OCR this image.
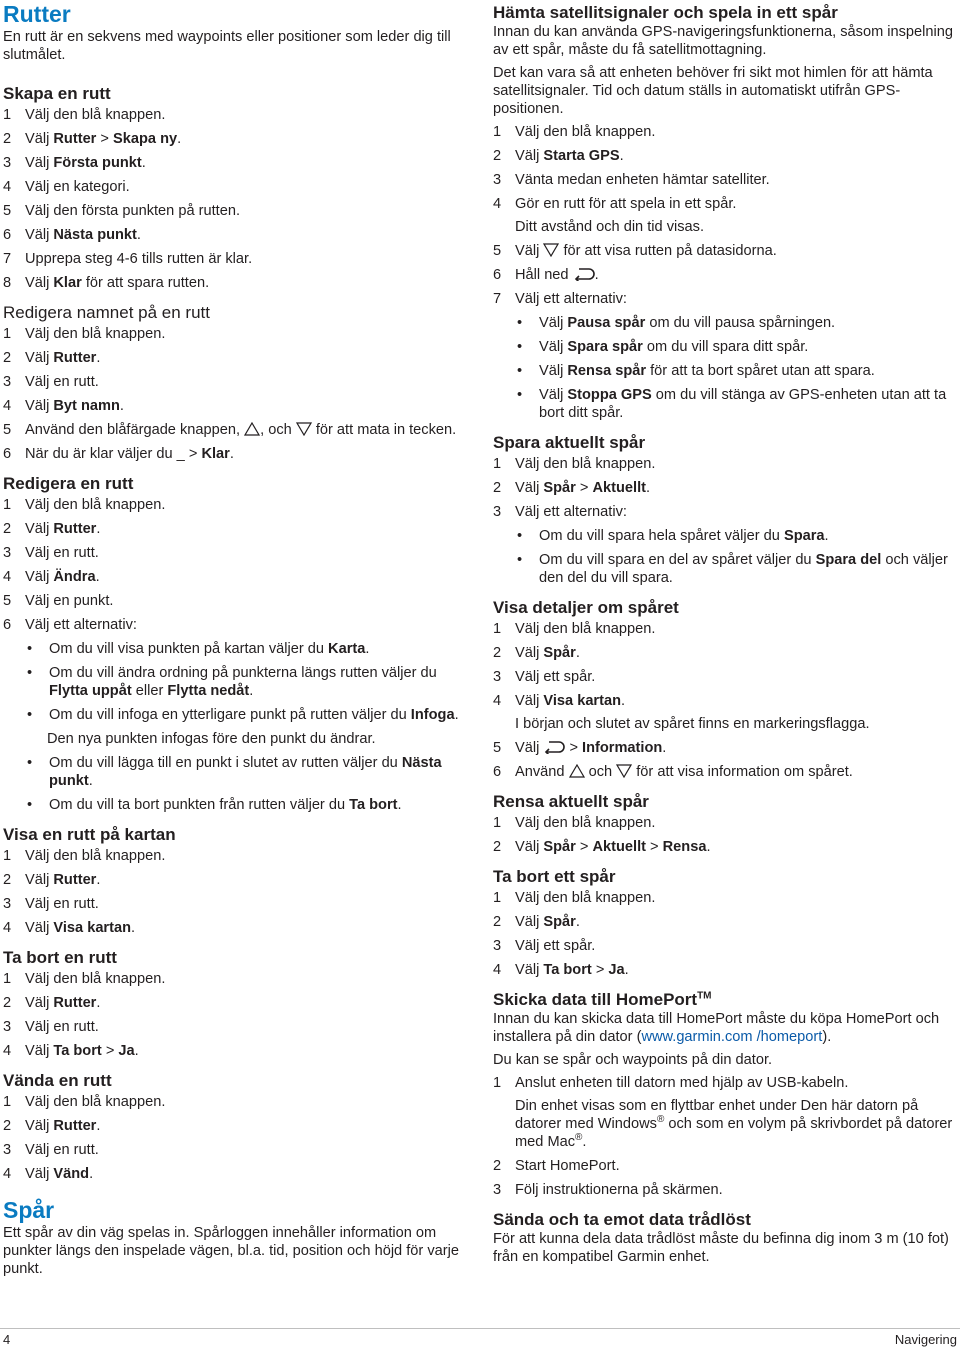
Rutter

En rutt är en sekvens med waypoints eller positioner som leder dig till slutmålet.

Skapa en rutt
1 Välj den blå knappen.
2 Välj Rutter > Skapa ny.
3 Välj Första punkt.
4 Välj en kategori.
5 Välj den första punkten på rutten.
6 Välj Nästa punkt.
7 Upprepa steg 4-6 tills rutten är klar.
8 Välj Klar för att spara rutten.
Redigera namnet på en rutt
1 Välj den blå knappen.
2 Välj Rutter.
3 Välj en rutt.
4 Välj Byt namn.
5 Använd den blåfärgade knappen, , och  för att mata in tecken.
6 När du är klar väljer du _ > Klar.
Redigera en rutt
1 Välj den blå knappen.
2 Välj Rutter.
3 Välj en rutt.
4 Välj Ändra.
5 Välj en punkt.
6 Välj ett alternativ:
•	Om du vill visa punkten på kartan väljer du Karta.
•	Om du vill ändra ordning på punkterna längs rutten väljer du Flytta uppåt eller Flytta nedåt.
•	Om du vill infoga en ytterligare punkt på rutten väljer du Infoga.
Den nya punkten infogas före den punkt du ändrar.
•	Om du vill lägga till en punkt i slutet av rutten väljer du Nästa punkt.
•	Om du vill ta bort punkten från rutten väljer du Ta bort.
Visa en rutt på kartan
1 Välj den blå knappen.
2 Välj Rutter.
3 Välj en rutt.
4 Välj Visa kartan.
Ta bort en rutt
1 Välj den blå knappen.
2 Välj Rutter.
3 Välj en rutt.
4 Välj Ta bort > Ja.
Vända en rutt
1 Välj den blå knappen.
2 Välj Rutter.
3 Välj en rutt.
4 Välj Vänd.
Spår

Ett spår av din väg spelas in. Spårloggen innehåller information om punkter längs den inspelade vägen, bl.a. tid, position och höjd för varje punkt.

Hämta satellitsignaler och spela in ett spår

Innan du kan använda GPS-navigeringsfunktionerna, såsom inspelning av ett spår, måste du få satellitmottagning.

Det kan vara så att enheten behöver fri sikt mot himlen för att hämta satellitsignaler. Tid och datum ställs in automatiskt utifrån GPS-positionen.

1 Välj den blå knappen.
2 Välj Starta GPS.
3 Vänta medan enheten hämtar satelliter.
4 Gör en rutt för att spela in ett spår.
Ditt avstånd och din tid visas.
5 Välj  för att visa rutten på datasidorna.
6 Håll ned .
7 Välj ett alternativ:
•	Välj Pausa spår om du vill pausa spårningen.
•	Välj Spara spår om du vill spara ditt spår.
•	Välj Rensa spår för att ta bort spåret utan att spara.
•	Välj Stoppa GPS om du vill stänga av GPS-enheten utan att ta bort ditt spår.
Spara aktuellt spår
1 Välj den blå knappen.
2 Välj Spår > Aktuellt.
3 Välj ett alternativ:
•	Om du vill spara hela spåret väljer du Spara.
•	Om du vill spara en del av spåret väljer du Spara del och väljer den del du vill spara.
Visa detaljer om spåret
1 Välj den blå knappen.
2 Välj Spår.
3 Välj ett spår.
4 Välj Visa kartan.
I början och slutet av spåret finns en markeringsflagga.
5 Välj  > Information.
6 Använd  och  för att visa information om spåret.
Rensa aktuellt spår
1 Välj den blå knappen.
2 Välj Spår > Aktuellt > Rensa.
Ta bort ett spår
1 Välj den blå knappen.
2 Välj Spår.
3 Välj ett spår.
4 Välj Ta bort > Ja.
Skicka data till HomePort™

Innan du kan skicka data till HomePort måste du köpa HomePort och installera på din dator (www.garmin.com /homeport).

Du kan se spår och waypoints på din dator.

1 Anslut enheten till datorn med hjälp av USB-kabeln.
Din enhet visas som en flyttbar enhet under Den här datorn på datorer med Windows® och som en volym på skrivbordet på datorer med Mac®.
2 Start HomePort.
3 Följ instruktionerna på skärmen.
Sända och ta emot data trådlöst

För att kunna dela data trådlöst måste du befinna dig inom 3 m (10 fot) från en kompatibel Garmin enhet.

4	Navigering
